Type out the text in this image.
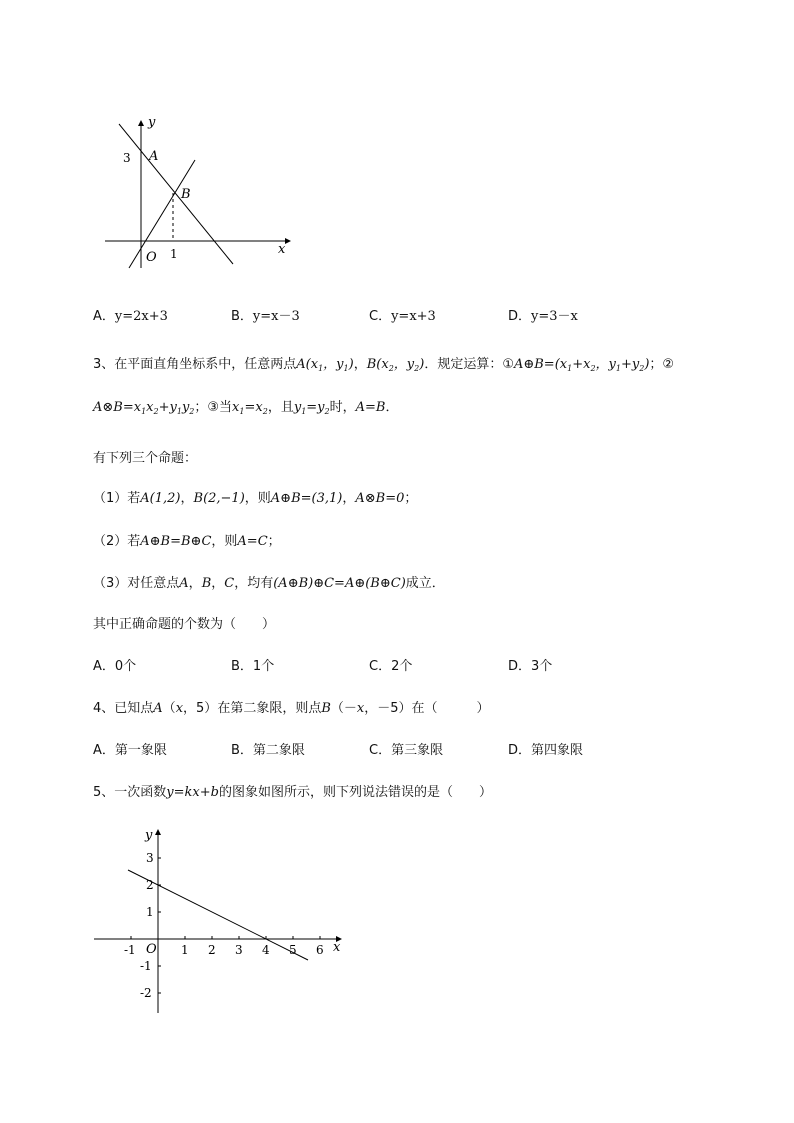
y
x
O
3
1
A
B
A．y=2x+3	B．y=x－3	C．y=x+3	D．y=3－x
3、在平面直角坐标系中，任意两点$A(x_1$，$y_1$)，$B(x_2$，$y_2$)．规定运算：$①A\oplus B=(x_1+x_2$，$y_1+y_2$)；②
$A\otimes B=x_1x_2+y_1y_2$；③当$x_1=x_2$，且$y_1=y_2$时，A=B．
有下列三个命题：
（1）若A(1,2)，B(2,−1)，则A⊕B=(3,1)，A⊗B=0；
（2）若A⊕B=B⊕C，则A=C；
（3）对任意点A，B，C，均有(A⊕B)⊕C=A⊕(B⊕C)成立．
其中正确命题的个数为（　　）
A．0个	B．1个	C．2个	D．3个
4、已知点A（x，5）在第二象限，则点B（－x，－5）在（　　　）
A．第一象限	B．第二象限	C．第三象限	D．第四象限
5、一次函数y=kx+b的图象如图所示，则下列说法错误的是（　　）
y
x
O
-1	1 2 3 4 5 6
3
2
1
-1
-2
